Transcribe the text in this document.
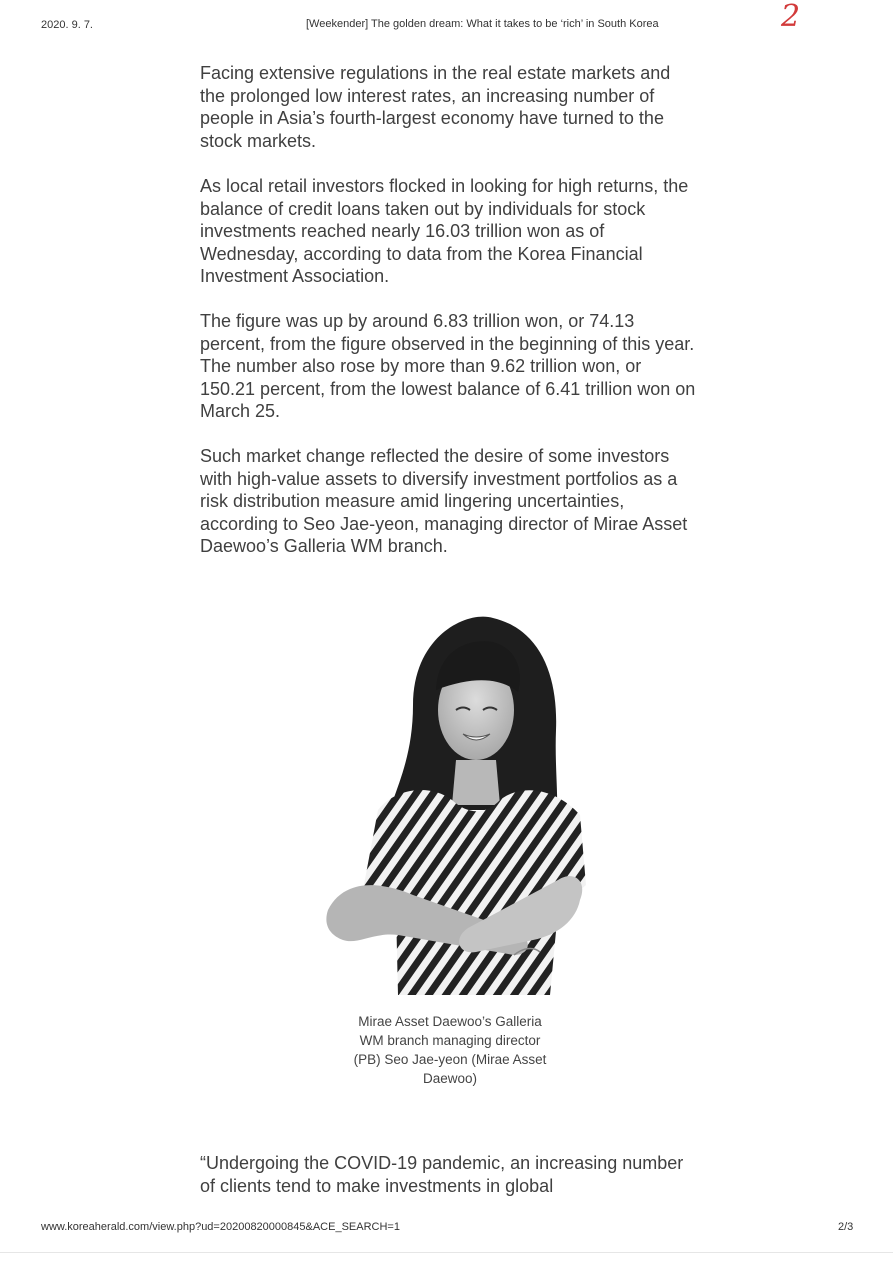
2020. 9. 7.	[Weekender] The golden dream: What it takes to be ‘rich’ in South Korea	2

Facing extensive regulations in the real estate markets and the prolonged low interest rates, an increasing number of people in Asia’s fourth-largest economy have turned to the stock markets.

As local retail investors flocked in looking for high returns, the balance of credit loans taken out by individuals for stock investments reached nearly 16.03 trillion won as of Wednesday, according to data from the Korea Financial Investment Association.

The figure was up by around 6.83 trillion won, or 74.13 percent, from the figure observed in the beginning of this year. The number also rose by more than 9.62 trillion won, or 150.21 percent, from the lowest balance of 6.41 trillion won on March 25.

Such market change reflected the desire of some investors with high-value assets to diversify investment portfolios as a risk distribution measure amid lingering uncertainties, according to Seo Jae-yeon, managing director of Mirae Asset Daewoo’s Galleria WM branch.

Mirae Asset Daewoo’s Galleria WM branch managing director (PB) Seo Jae-yeon (Mirae Asset Daewoo)

“Undergoing the COVID-19 pandemic, an increasing number of clients tend to make investments in global

www.koreaherald.com/view.php?ud=20200820000845&ACE_SEARCH=1	2/3
